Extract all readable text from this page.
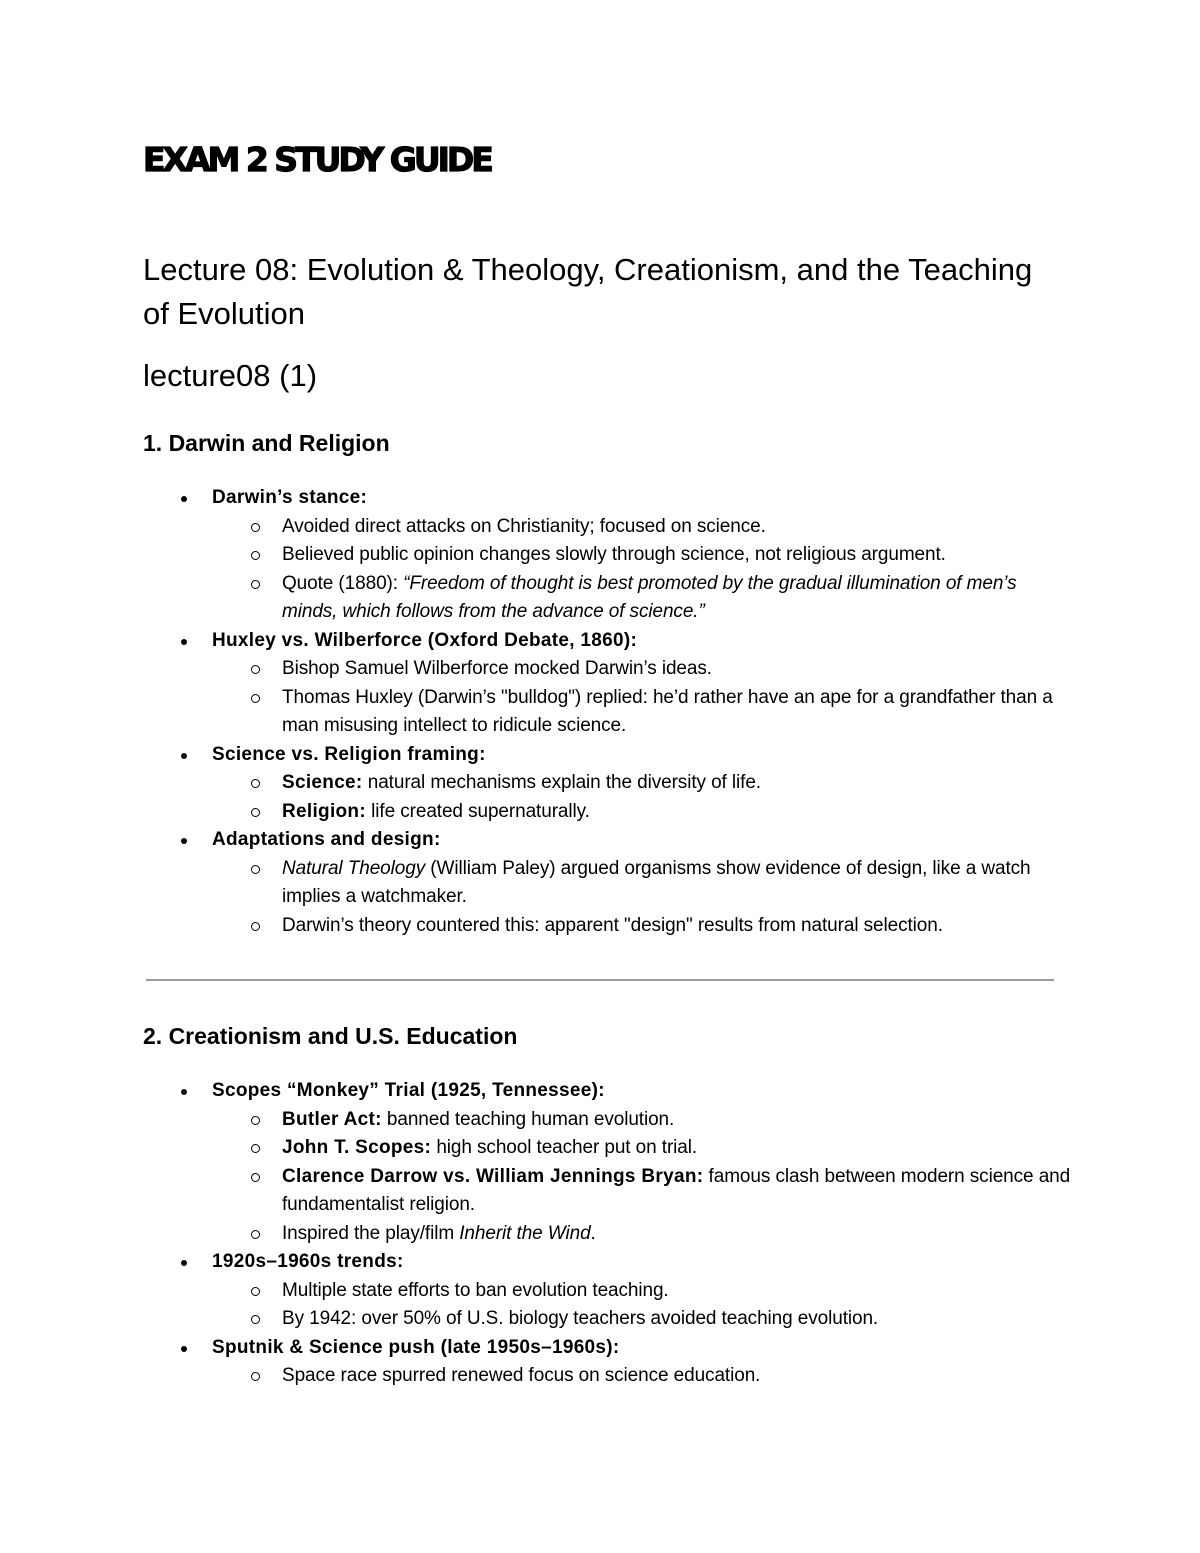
EXAM 2 STUDY GUIDE
Lecture 08: Evolution & Theology, Creationism, and the Teaching of Evolution
lecture08 (1)
1. Darwin and Religion
Darwin’s stance:
Avoided direct attacks on Christianity; focused on science.
Believed public opinion changes slowly through science, not religious argument.
Quote (1880): “Freedom of thought is best promoted by the gradual illumination of men’s minds, which follows from the advance of science.”
Huxley vs. Wilberforce (Oxford Debate, 1860):
Bishop Samuel Wilberforce mocked Darwin’s ideas.
Thomas Huxley (Darwin’s "bulldog") replied: he’d rather have an ape for a grandfather than a man misusing intellect to ridicule science.
Science vs. Religion framing:
Science: natural mechanisms explain the diversity of life.
Religion: life created supernaturally.
Adaptations and design:
Natural Theology (William Paley) argued organisms show evidence of design, like a watch implies a watchmaker.
Darwin’s theory countered this: apparent "design" results from natural selection.
2. Creationism and U.S. Education
Scopes “Monkey” Trial (1925, Tennessee):
Butler Act: banned teaching human evolution.
John T. Scopes: high school teacher put on trial.
Clarence Darrow vs. William Jennings Bryan: famous clash between modern science and fundamentalist religion.
Inspired the play/film Inherit the Wind.
1920s–1960s trends:
Multiple state efforts to ban evolution teaching.
By 1942: over 50% of U.S. biology teachers avoided teaching evolution.
Sputnik & Science push (late 1950s–1960s):
Space race spurred renewed focus on science education.
